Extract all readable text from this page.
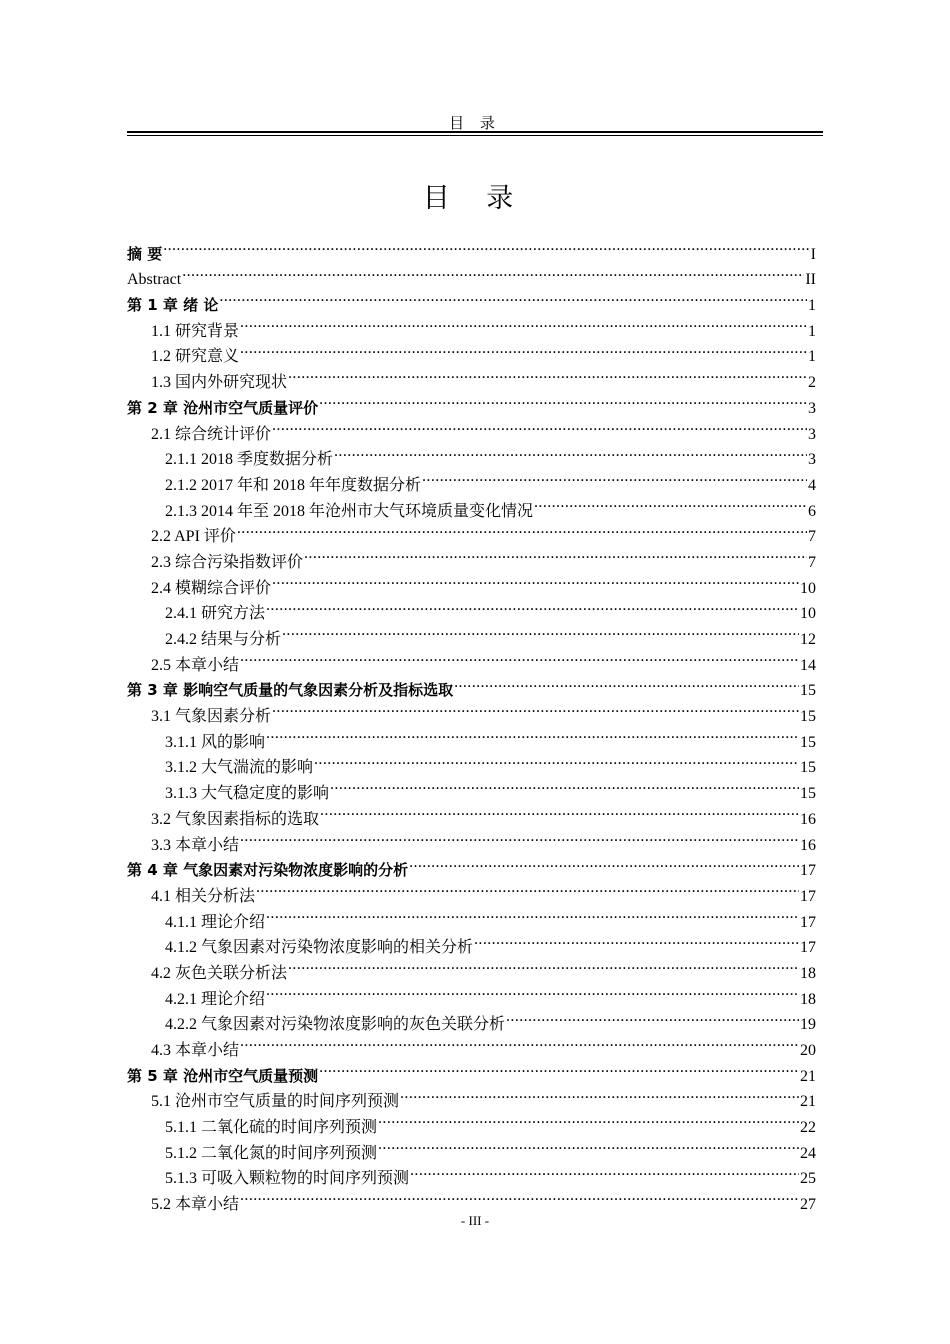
目 录
目 录
摘 要 .....	I
Abstract .....	II
第 1 章 绪 论 .....	1
1.1 研究背景 .....	1
1.2 研究意义 .....	1
1.3 国内外研究现状 .....	2
第 2 章 沧州市空气质量评价 .....	3
2.1 综合统计评价 .....	3
2.1.1 2018 季度数据分析 .....	3
2.1.2 2017 年和 2018 年年度数据分析 .....	4
2.1.3 2014 年至 2018 年沧州市大气环境质量变化情况 .....	6
2.2 API 评价 .....	7
2.3 综合污染指数评价 .....	7
2.4 模糊综合评价 .....	10
2.4.1 研究方法 .....	10
2.4.2 结果与分析 .....	12
2.5 本章小结 .....	14
第 3 章 影响空气质量的气象因素分析及指标选取 .....	15
3.1 气象因素分析 .....	15
3.1.1 风的影响 .....	15
3.1.2 大气湍流的影响 .....	15
3.1.3 大气稳定度的影响 .....	15
3.2 气象因素指标的选取 .....	16
3.3 本章小结 .....	16
第 4 章 气象因素对污染物浓度影响的分析 .....	17
4.1 相关分析法 .....	17
4.1.1 理论介绍 .....	17
4.1.2 气象因素对污染物浓度影响的相关分析 .....	17
4.2 灰色关联分析法 .....	18
4.2.1 理论介绍 .....	18
4.2.2 气象因素对污染物浓度影响的灰色关联分析 .....	19
4.3 本章小结 .....	20
第 5 章 沧州市空气质量预测 .....	21
5.1 沧州市空气质量的时间序列预测 .....	21
5.1.1 二氧化硫的时间序列预测 .....	22
5.1.2 二氧化氮的时间序列预测 .....	24
5.1.3 可吸入颗粒物的时间序列预测 .....	25
5.2 本章小结 .....	27
- III -
